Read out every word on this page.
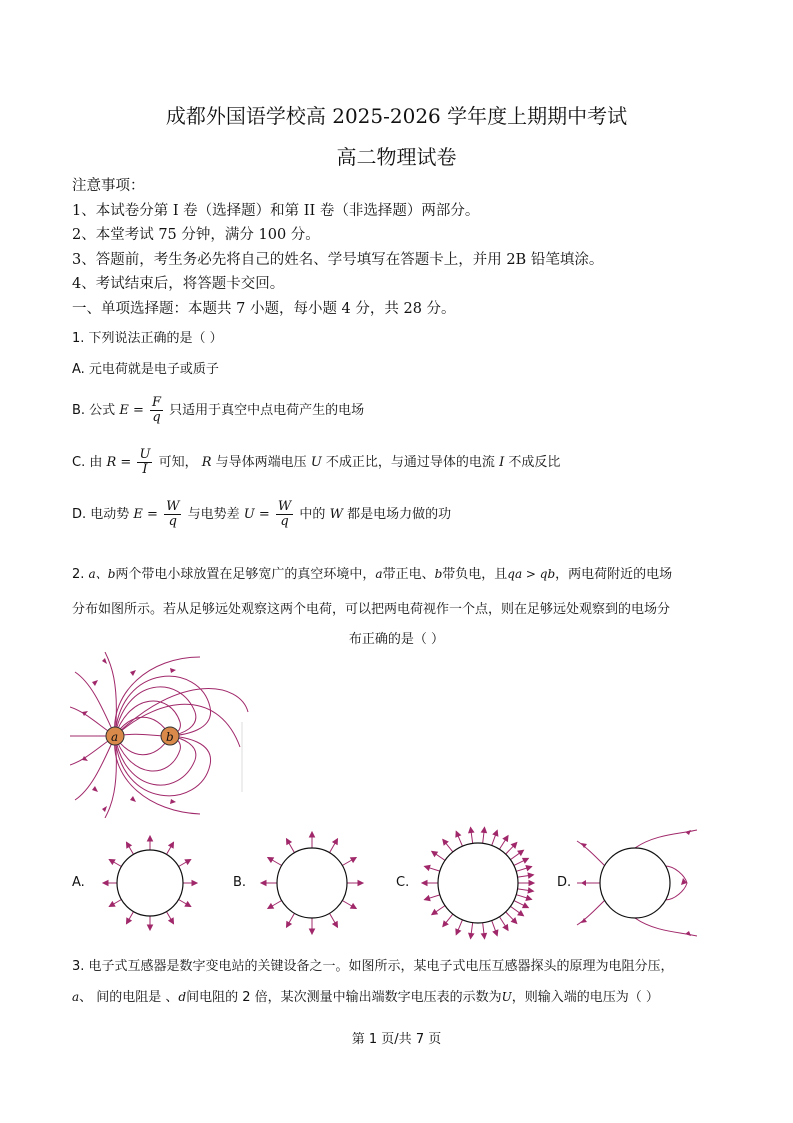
成都外国语学校高 2025-2026 学年度上期期中考试
高二物理试卷
注意事项：
1、本试卷分第 I 卷（选择题）和第 II 卷（非选择题）两部分。
2、本堂考试 75 分钟，满分 100 分。
3、答题前，考生务必先将自己的姓名、学号填写在答题卡上，并用 2B 铅笔填涂。
4、考试结束后，将答题卡交回。
一、单项选择题：本题共 7 小题，每小题 4 分，共 28 分。
1. 下列说法正确的是（ ）
A. 元电荷就是电子或质子
B. 公式 $E = \frac{F}{q}$ 只适用于真空中点电荷产生的电场
C. 由 $R = \frac{U}{I}$ 可知， R 与导体两端电压 U 不成正比，与通过导体的电流 I 不成反比
D. 电动势 $E = \frac{W}{q}$ 与电势差 $U = \frac{W}{q}$ 中的 W 都是电场力做的功
2. a、b两个带电小球放置在足够宽广的真空环境中，a带正电、b带负电，且qa > qb，两电荷附近的电场
分布如图所示。若从足够远处观察这两个电荷，可以把两电荷视作一个点，则在足够远处观察到的电场分
布正确的是（ ）
a	b
A.	B.	C.	D.
3. 电子式互感器是数字变电站的关键设备之一。如图所示，某电子式电压互感器探头的原理为电阻分压，
a、 间的电阻是 、d间电阻的 2 倍，某次测量中输出端数字电压表的示数为U，则输入端的电压为（ ）
第 1 页/共 7 页
